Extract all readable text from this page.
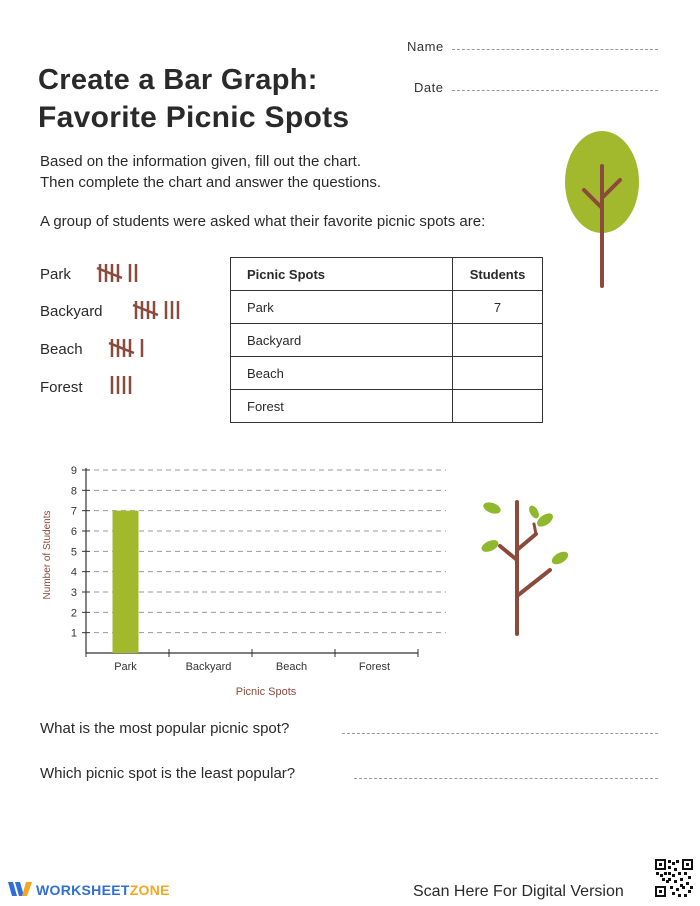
Name
Date
Create a Bar Graph:
Favorite Picnic Spots
Based on the information given, fill out the chart.
Then complete the chart and answer the questions.
A group of students were asked what their favorite picnic spots are:
Park
Backyard
Beach
Forest
Picnic Spots	Students
Park	7
Backyard	
Beach	
Forest	
1
2
3
4
5
6
7
8
9
Park	Backyard	Beach	Forest
Picnic Spots
Number of Students
What is the most popular picnic spot?
Which picnic spot is the least popular?
WORKSHEETZONE	Scan Here For Digital Version
